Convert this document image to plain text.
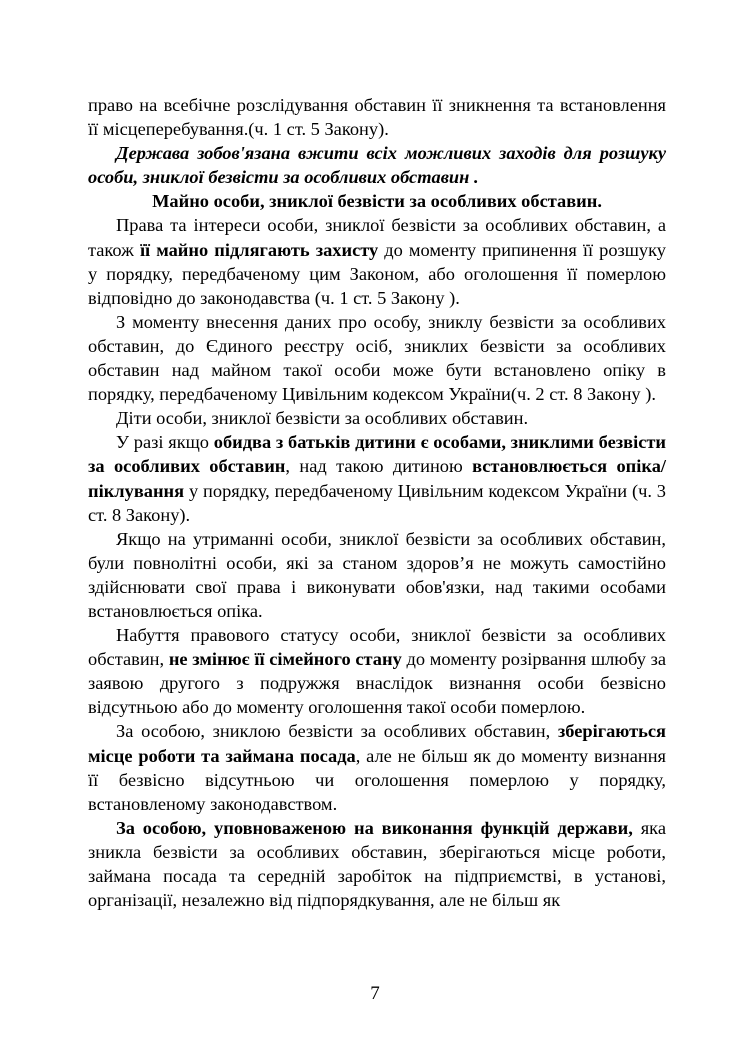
право на всебічне розслідування обставин її зникнення та встановлення її місцеперебування.(ч. 1 ст. 5 Закону).

Держава зобов'язана вжити всіх можливих заходів для розшуку особи, зниклої безвісти за особливих обставин .

Майно особи, зниклої безвісти за особливих обставин.

Права та інтереси особи, зниклої безвісти за особливих обставин, а також її майно підлягають захисту до моменту припинення її розшуку у порядку, передбаченому цим Законом, або оголошення її померлою відповідно до законодавства (ч. 1 ст. 5 Закону ).

З моменту внесення даних про особу, зниклу безвісти за особливих обставин, до Єдиного реєстру осіб, зниклих безвісти за особливих обставин над майном такої особи може бути встановлено опіку в порядку, передбаченому Цивільним кодексом України(ч. 2 ст. 8 Закону ).

Діти особи, зниклої безвісти за особливих обставин.

У разі якщо обидва з батьків дитини є особами, зниклими безвісти за особливих обставин, над такою дитиною встановлюється опіка/піклування у порядку, передбаченому Цивільним кодексом України (ч. 3 ст. 8 Закону).

Якщо на утриманні особи, зниклої безвісти за особливих обставин, були повнолітні особи, які за станом здоров’я не можуть самостійно здійснювати свої права і виконувати обов'язки, над такими особами встановлюється опіка.

Набуття правового статусу особи, зниклої безвісти за особливих обставин, не змінює її сімейного стану до моменту розірвання шлюбу за заявою другого з подружжя внаслідок визнання особи безвісно відсутньою або до моменту оголошення такої особи померлою.

За особою, зниклою безвісти за особливих обставин, зберігаються місце роботи та займана посада, але не більш як до моменту визнання її безвісно відсутньою чи оголошення померлою у порядку, встановленому законодавством.

За особою, уповноваженою на виконання функцій держави, яка зникла безвісти за особливих обставин, зберігаються місце роботи, займана посада та середній заробіток на підприємстві, в установі, організації, незалежно від підпорядкування, але не більш як

7
